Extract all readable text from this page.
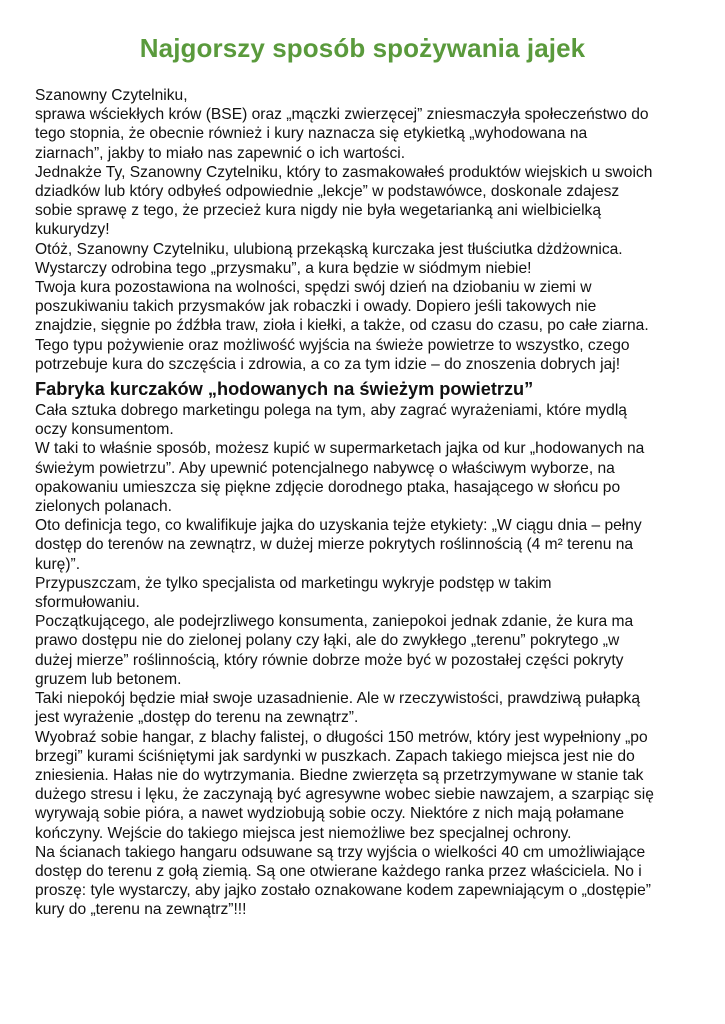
Najgorszy sposób spożywania jajek
Szanowny Czytelniku,
sprawa wściekłych krów (BSE) oraz „mączki zwierzęcej” zniesmaczyła społeczeństwo do
tego stopnia, że obecnie również i kury naznacza się etykietką „wyhodowana na
ziarnach”, jakby to miało nas zapewnić o ich wartości.
Jednakże Ty, Szanowny Czytelniku, który to zasmakowałeś produktów wiejskich u swoich
dziadków lub który odbyłeś odpowiednie „lekcje” w podstawówce, doskonale zdajesz
sobie sprawę z tego, że przecież kura nigdy nie była wegetarianką ani wielbicielką
kukurydzy!
Otóż, Szanowny Czytelniku, ulubioną przekąską kurczaka jest tłuściutka dżdżownica.
Wystarczy odrobina tego „przysmaku”, a kura będzie w siódmym niebie!
Twoja kura pozostawiona na wolności, spędzi swój dzień na dziobaniu w ziemi w
poszukiwaniu takich przysmaków jak robaczki i owady. Dopiero jeśli takowych nie
znajdzie, sięgnie po źdźbła traw, zioła i kiełki, a także, od czasu do czasu, po całe ziarna.
Tego typu pożywienie oraz możliwość wyjścia na świeże powietrze to wszystko, czego
potrzebuje kura do szczęścia i zdrowia, a co za tym idzie – do znoszenia dobrych jaj!
Fabryka kurczaków „hodowanych na świeżym powietrzu”
Cała sztuka dobrego marketingu polega na tym, aby zagrać wyrażeniami, które mydlą
oczy konsumentom.
W taki to właśnie sposób, możesz kupić w supermarketach jajka od kur „hodowanych na
świeżym powietrzu”. Aby upewnić potencjalnego nabywcę o właściwym wyborze, na
opakowaniu umieszcza się piękne zdjęcie dorodnego ptaka, hasającego w słońcu po
zielonych polanach.
Oto definicja tego, co kwalifikuje jajka do uzyskania tejże etykiety: „W ciągu dnia – pełny
dostęp do terenów na zewnątrz, w dużej mierze pokrytych roślinnością (4 m² terenu na
kurę)”.
Przypuszczam, że tylko specjalista od marketingu wykryje podstęp w takim
sformułowaniu.
Początkującego, ale podejrzliwego konsumenta, zaniepokoi jednak zdanie, że kura ma
prawo dostępu nie do zielonej polany czy łąki, ale do zwykłego „terenu” pokrytego „w
dużej mierze” roślinnością, który równie dobrze może być w pozostałej części pokryty
gruzem lub betonem.
Taki niepokój będzie miał swoje uzasadnienie. Ale w rzeczywistości, prawdziwą pułapką
jest wyrażenie „dostęp do terenu na zewnątrz”.
Wyobraź sobie hangar, z blachy falistej, o długości 150 metrów, który jest wypełniony „po
brzegi” kurami ściśniętymi jak sardynki w puszkach. Zapach takiego miejsca jest nie do
zniesienia. Hałas nie do wytrzymania. Biedne zwierzęta są przetrzymywane w stanie tak
dużego stresu i lęku, że zaczynają być agresywne wobec siebie nawzajem, a szarpiąc się
wyrywają sobie pióra, a nawet wydziobują sobie oczy. Niektóre z nich mają połamane
kończyny. Wejście do takiego miejsca jest niemożliwe bez specjalnej ochrony.
Na ścianach takiego hangaru odsuwane są trzy wyjścia o wielkości 40 cm umożliwiające
dostęp do terenu z gołą ziemią. Są one otwierane każdego ranka przez właściciela. No i
proszę: tyle wystarczy, aby jajko zostało oznakowane kodem zapewniającym o „dostępie”
kury do „terenu na zewnątrz”!!!
